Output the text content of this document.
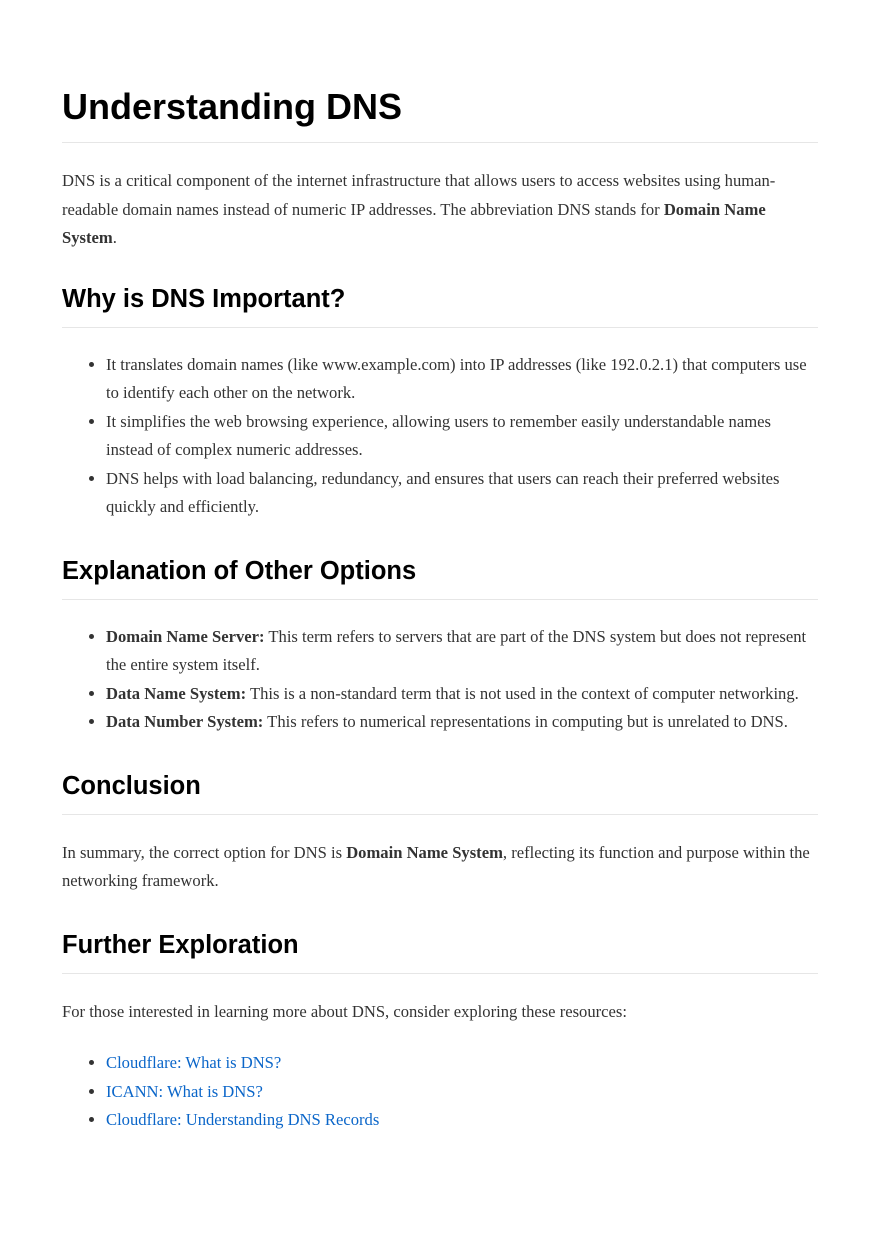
Understanding DNS

DNS is a critical component of the internet infrastructure that allows users to access websites using human-readable domain names instead of numeric IP addresses. The abbreviation DNS stands for Domain Name System.

Why is DNS Important?
• It translates domain names (like www.example.com) into IP addresses (like 192.0.2.1) that computers use to identify each other on the network.
• It simplifies the web browsing experience, allowing users to remember easily understandable names instead of complex numeric addresses.
• DNS helps with load balancing, redundancy, and ensures that users can reach their preferred websites quickly and efficiently.
Explanation of Other Options
• Domain Name Server: This term refers to servers that are part of the DNS system but does not represent the entire system itself.
• Data Name System: This is a non-standard term that is not used in the context of computer networking.
• Data Number System: This refers to numerical representations in computing but is unrelated to DNS.
Conclusion

In summary, the correct option for DNS is Domain Name System, reflecting its function and purpose within the networking framework.

Further Exploration

For those interested in learning more about DNS, consider exploring these resources:

• Cloudflare: What is DNS?
• ICANN: What is DNS?
• Cloudflare: Understanding DNS Records
